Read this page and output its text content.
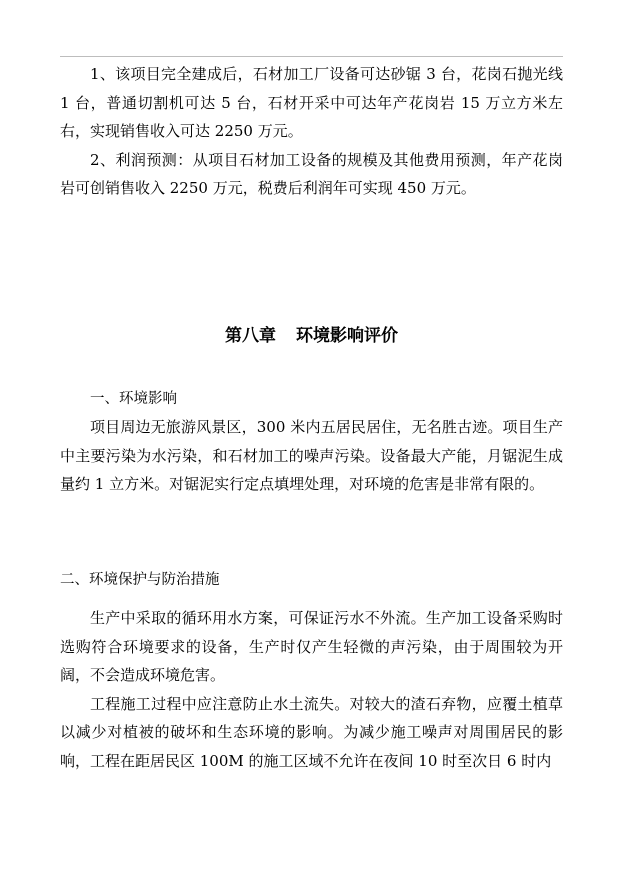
1、该项目完全建成后，石材加工厂设备可达砂锯 3 台，花岗石抛光线 1 台，普通切割机可达 5 台，石材开采中可达年产花岗岩 15 万立方米左右，实现销售收入可达 2250 万元。

2、利润预测：从项目石材加工设备的规模及其他费用预测，年产花岗岩可创销售收入 2250 万元，税费后利润年可实现 450 万元。

第八章 环境影响评价

一、环境影响

项目周边无旅游风景区，300 米内五居民居住，无名胜古迹。项目生产中主要污染为水污染，和石材加工的噪声污染。设备最大产能，月锯泥生成量约 1 立方米。对锯泥实行定点填埋处理，对环境的危害是非常有限的。

二、环境保护与防治措施

生产中采取的循环用水方案，可保证污水不外流。生产加工设备采购时选购符合环境要求的设备，生产时仅产生轻微的声污染，由于周围较为开阔，不会造成环境危害。

工程施工过程中应注意防止水土流失。对较大的渣石弃物，应覆土植草以减少对植被的破坏和生态环境的影响。为减少施工噪声对周围居民的影响，工程在距居民区 100M 的施工区域不允许在夜间 10 时至次日 6 时内
